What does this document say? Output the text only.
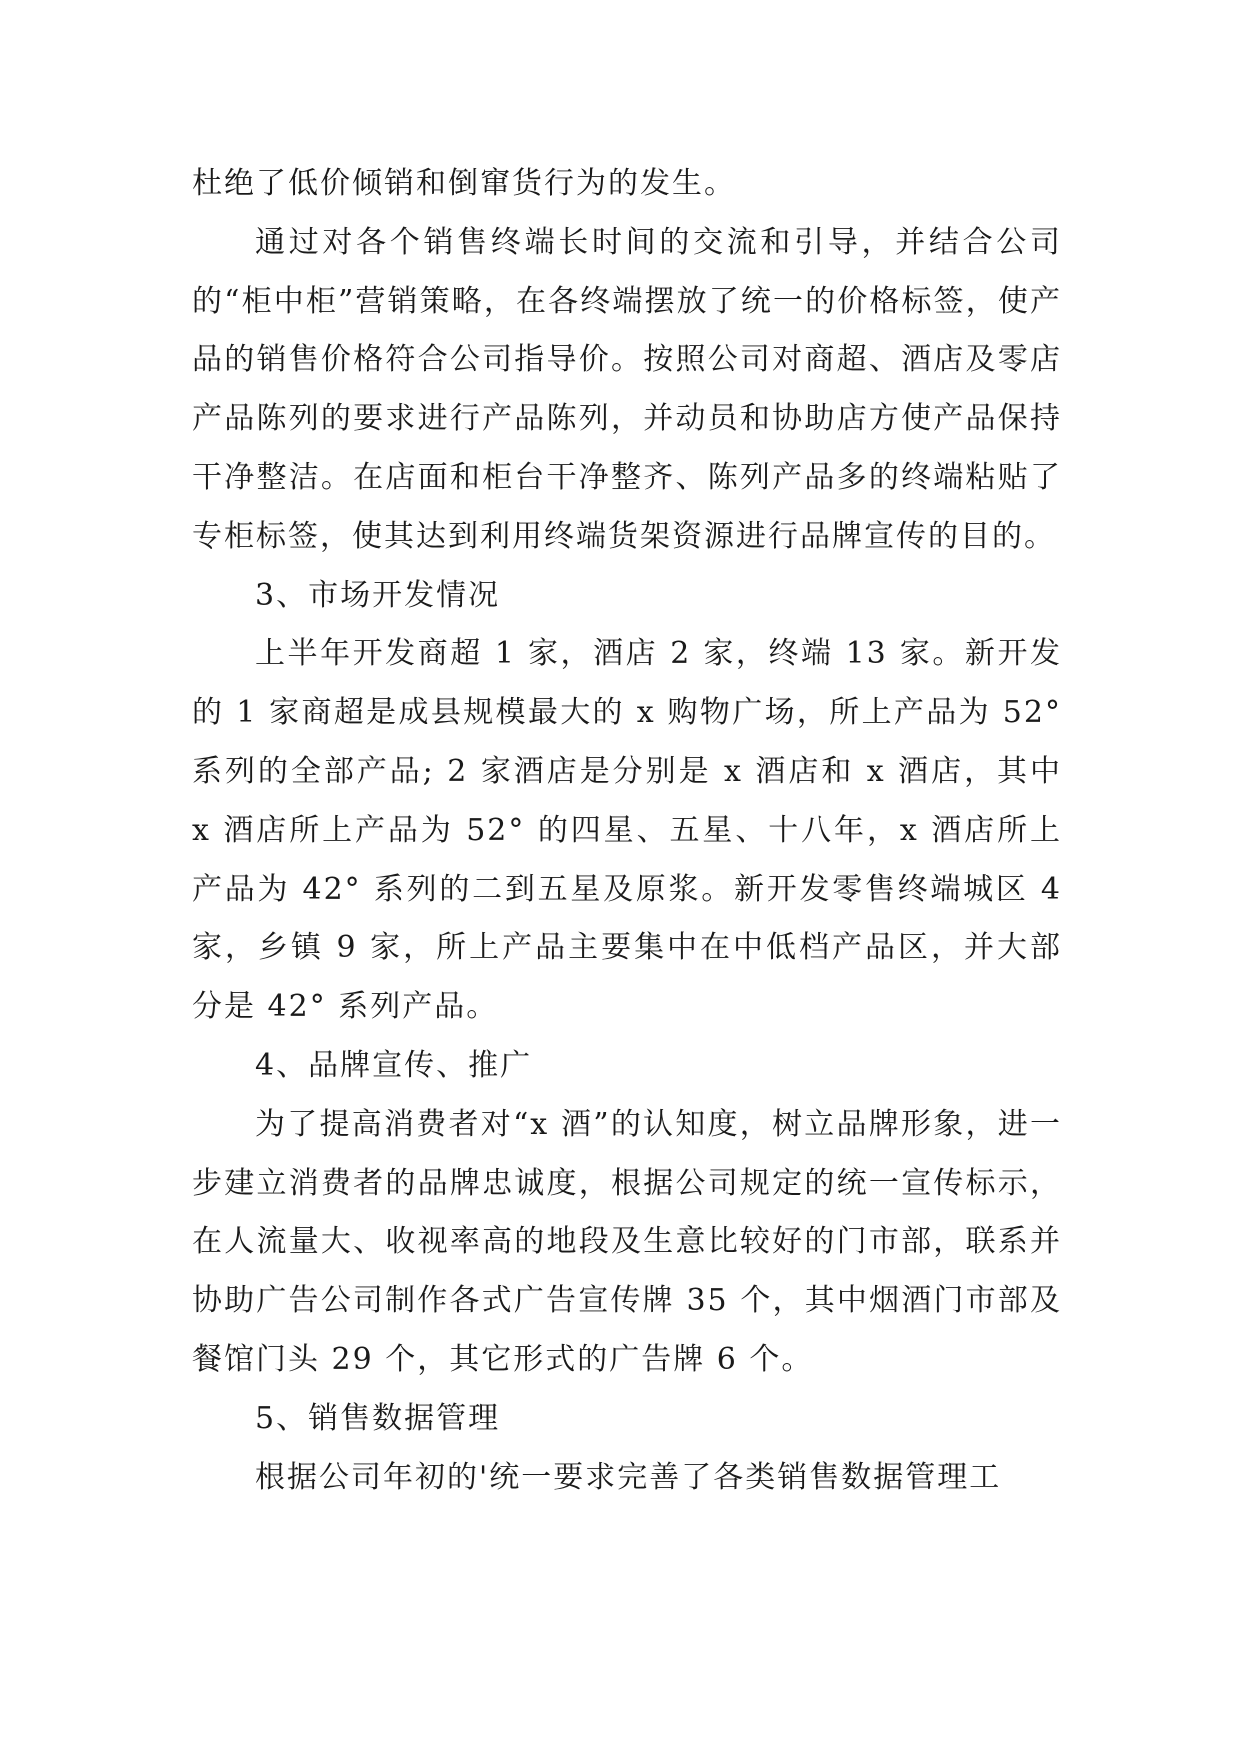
杜绝了低价倾销和倒窜货行为的发生。

通过对各个销售终端长时间的交流和引导，并结合公司的“柜中柜”营销策略，在各终端摆放了统一的价格标签，使产品的销售价格符合公司指导价。按照公司对商超、酒店及零店产品陈列的要求进行产品陈列，并动员和协助店方使产品保持干净整洁。在店面和柜台干净整齐、陈列产品多的终端粘贴了专柜标签，使其达到利用终端货架资源进行品牌宣传的目的。

3、市场开发情况

上半年开发商超 1 家，酒店 2 家，终端 13 家。新开发的 1 家商超是成县规模最大的 x 购物广场，所上产品为 52°系列的全部产品; 2 家酒店是分别是 x 酒店和 x 酒店，其中 x 酒店所上产品为 52° 的四星、五星、十八年，x 酒店所上产品为 42° 系列的二到五星及原浆。新开发零售终端城区 4 家，乡镇 9 家，所上产品主要集中在中低档产品区，并大部分是 42° 系列产品。

4、品牌宣传、推广

为了提高消费者对“x 酒”的认知度，树立品牌形象，进一步建立消费者的品牌忠诚度，根据公司规定的统一宣传标示，在人流量大、收视率高的地段及生意比较好的门市部，联系并协助广告公司制作各式广告宣传牌 35 个，其中烟酒门市部及餐馆门头 29 个，其它形式的广告牌 6 个。

5、销售数据管理

根据公司年初的'统一要求完善了各类销售数据管理工
